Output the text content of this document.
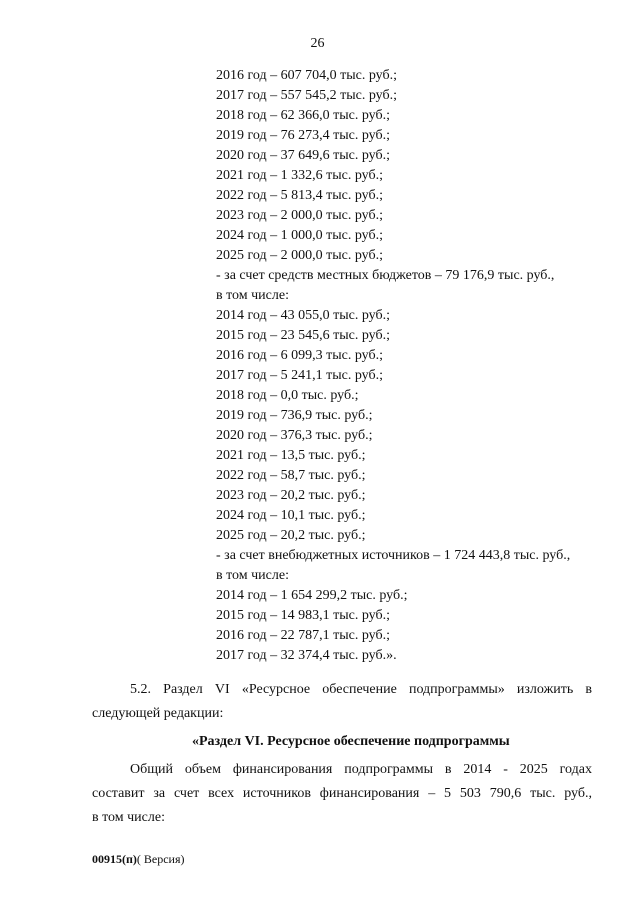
26
2016 год – 607 704,0 тыс. руб.;
2017 год – 557 545,2 тыс. руб.;
2018 год – 62 366,0 тыс. руб.;
2019 год – 76 273,4 тыс. руб.;
2020 год – 37 649,6 тыс. руб.;
2021 год – 1 332,6 тыс. руб.;
2022 год – 5 813,4 тыс. руб.;
2023 год – 2 000,0 тыс. руб.;
2024 год – 1 000,0 тыс. руб.;
2025 год – 2 000,0 тыс. руб.;
- за счет средств местных бюджетов – 79 176,9 тыс. руб.,
в том числе:
2014 год – 43 055,0 тыс. руб.;
2015 год – 23 545,6 тыс. руб.;
2016 год – 6 099,3 тыс. руб.;
2017 год – 5 241,1 тыс. руб.;
2018 год – 0,0 тыс. руб.;
2019 год – 736,9 тыс. руб.;
2020 год – 376,3 тыс. руб.;
2021 год – 13,5 тыс. руб.;
2022 год – 58,7 тыс. руб.;
2023 год – 20,2 тыс. руб.;
2024 год – 10,1 тыс. руб.;
2025 год – 20,2 тыс. руб.;
- за счет внебюджетных источников – 1 724 443,8 тыс. руб.,
в том числе:
2014 год – 1 654 299,2 тыс. руб.;
2015 год – 14 983,1 тыс. руб.;
2016 год – 22 787,1 тыс. руб.;
2017 год – 32 374,4 тыс. руб.».

5.2. Раздел VI «Ресурсное обеспечение подпрограммы» изложить в
следующей редакции:

«Раздел VI. Ресурсное обеспечение подпрограммы

Общий объем финансирования подпрограммы в 2014 - 2025 годах
составит за счет всех источников финансирования – 5 503 790,6 тыс. руб.,
в том числе:

00915(п)( Версия)
